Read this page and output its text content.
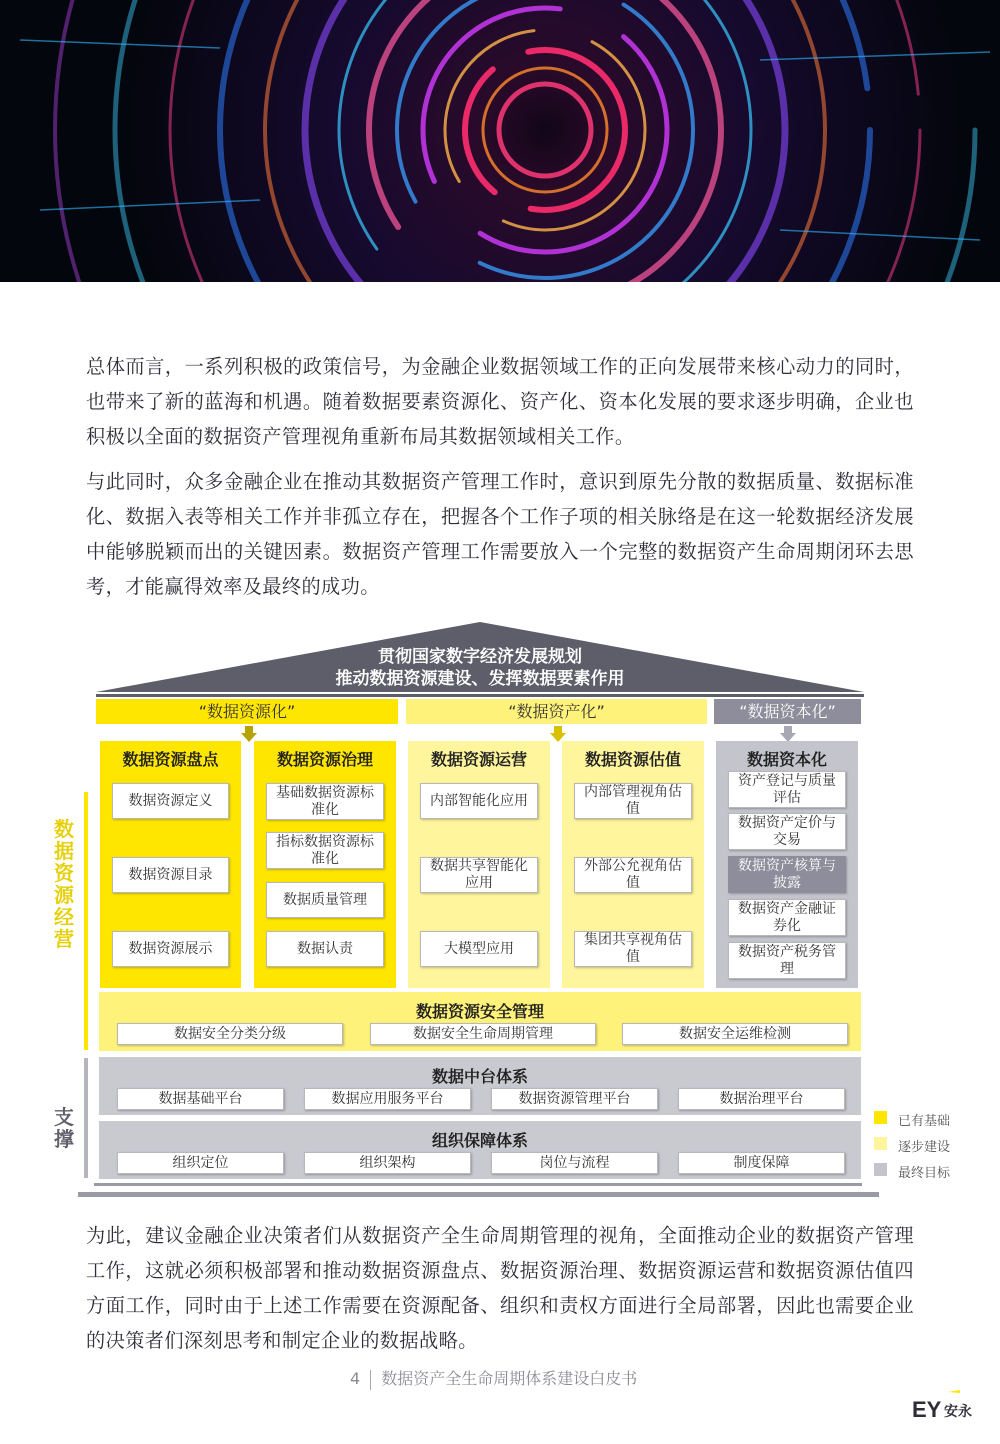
总体而言，一系列积极的政策信号，为金融企业数据领域工作的正向发展带来核心动力的同时，也带来了新的蓝海和机遇。随着数据要素资源化、资产化、资本化发展的要求逐步明确，企业也积极以全面的数据资产管理视角重新布局其数据领域相关工作。

与此同时，众多金融企业在推动其数据资产管理工作时，意识到原先分散的数据质量、数据标准化、数据入表等相关工作并非孤立存在，把握各个工作子项的相关脉络是在这一轮数据经济发展中能够脱颖而出的关键因素。数据资产管理工作需要放入一个完整的数据资产生命周期闭环去思考，才能赢得效率及最终的成功。

贯彻国家数字经济发展规划
推动数据资源建设、发挥数据要素作用
“数据资源化”	“数据资产化”	“数据资本化”
数据资源盘点
数据资源定义
数据资源目录
数据资源展示
数据资源治理
基础数据资源标准化
指标数据资源标准化
数据质量管理
数据认责
数据资源运营
内部智能化应用
数据共享智能化应用
大模型应用
数据资源估值
内部管理视角估值
外部公允视角估值
集团共享视角估值
数据资本化
资产登记与质量评估
数据资产定价与交易
数据资产核算与披露
数据资产金融证券化
数据资产税务管理
数据资源安全管理
数据安全分类分级	数据安全生命周期管理	数据安全运维检测
数据中台体系
数据基础平台	数据应用服务平台	数据资源管理平台	数据治理平台
组织保障体系
组织定位	组织架构	岗位与流程	制度保障
数
据
资
源
经
营
支
撑
已有基础
逐步建设
最终目标

为此，建议金融企业决策者们从数据资产全生命周期管理的视角，全面推动企业的数据资产管理工作，这就必须积极部署和推动数据资源盘点、数据资源治理、数据资源运营和数据资源估值四方面工作，同时由于上述工作需要在资源配备、组织和责权方面进行全局部署，因此也需要企业的决策者们深刻思考和制定企业的数据战略。

4 数据资产全生命周期体系建设白皮书
EY 安永
